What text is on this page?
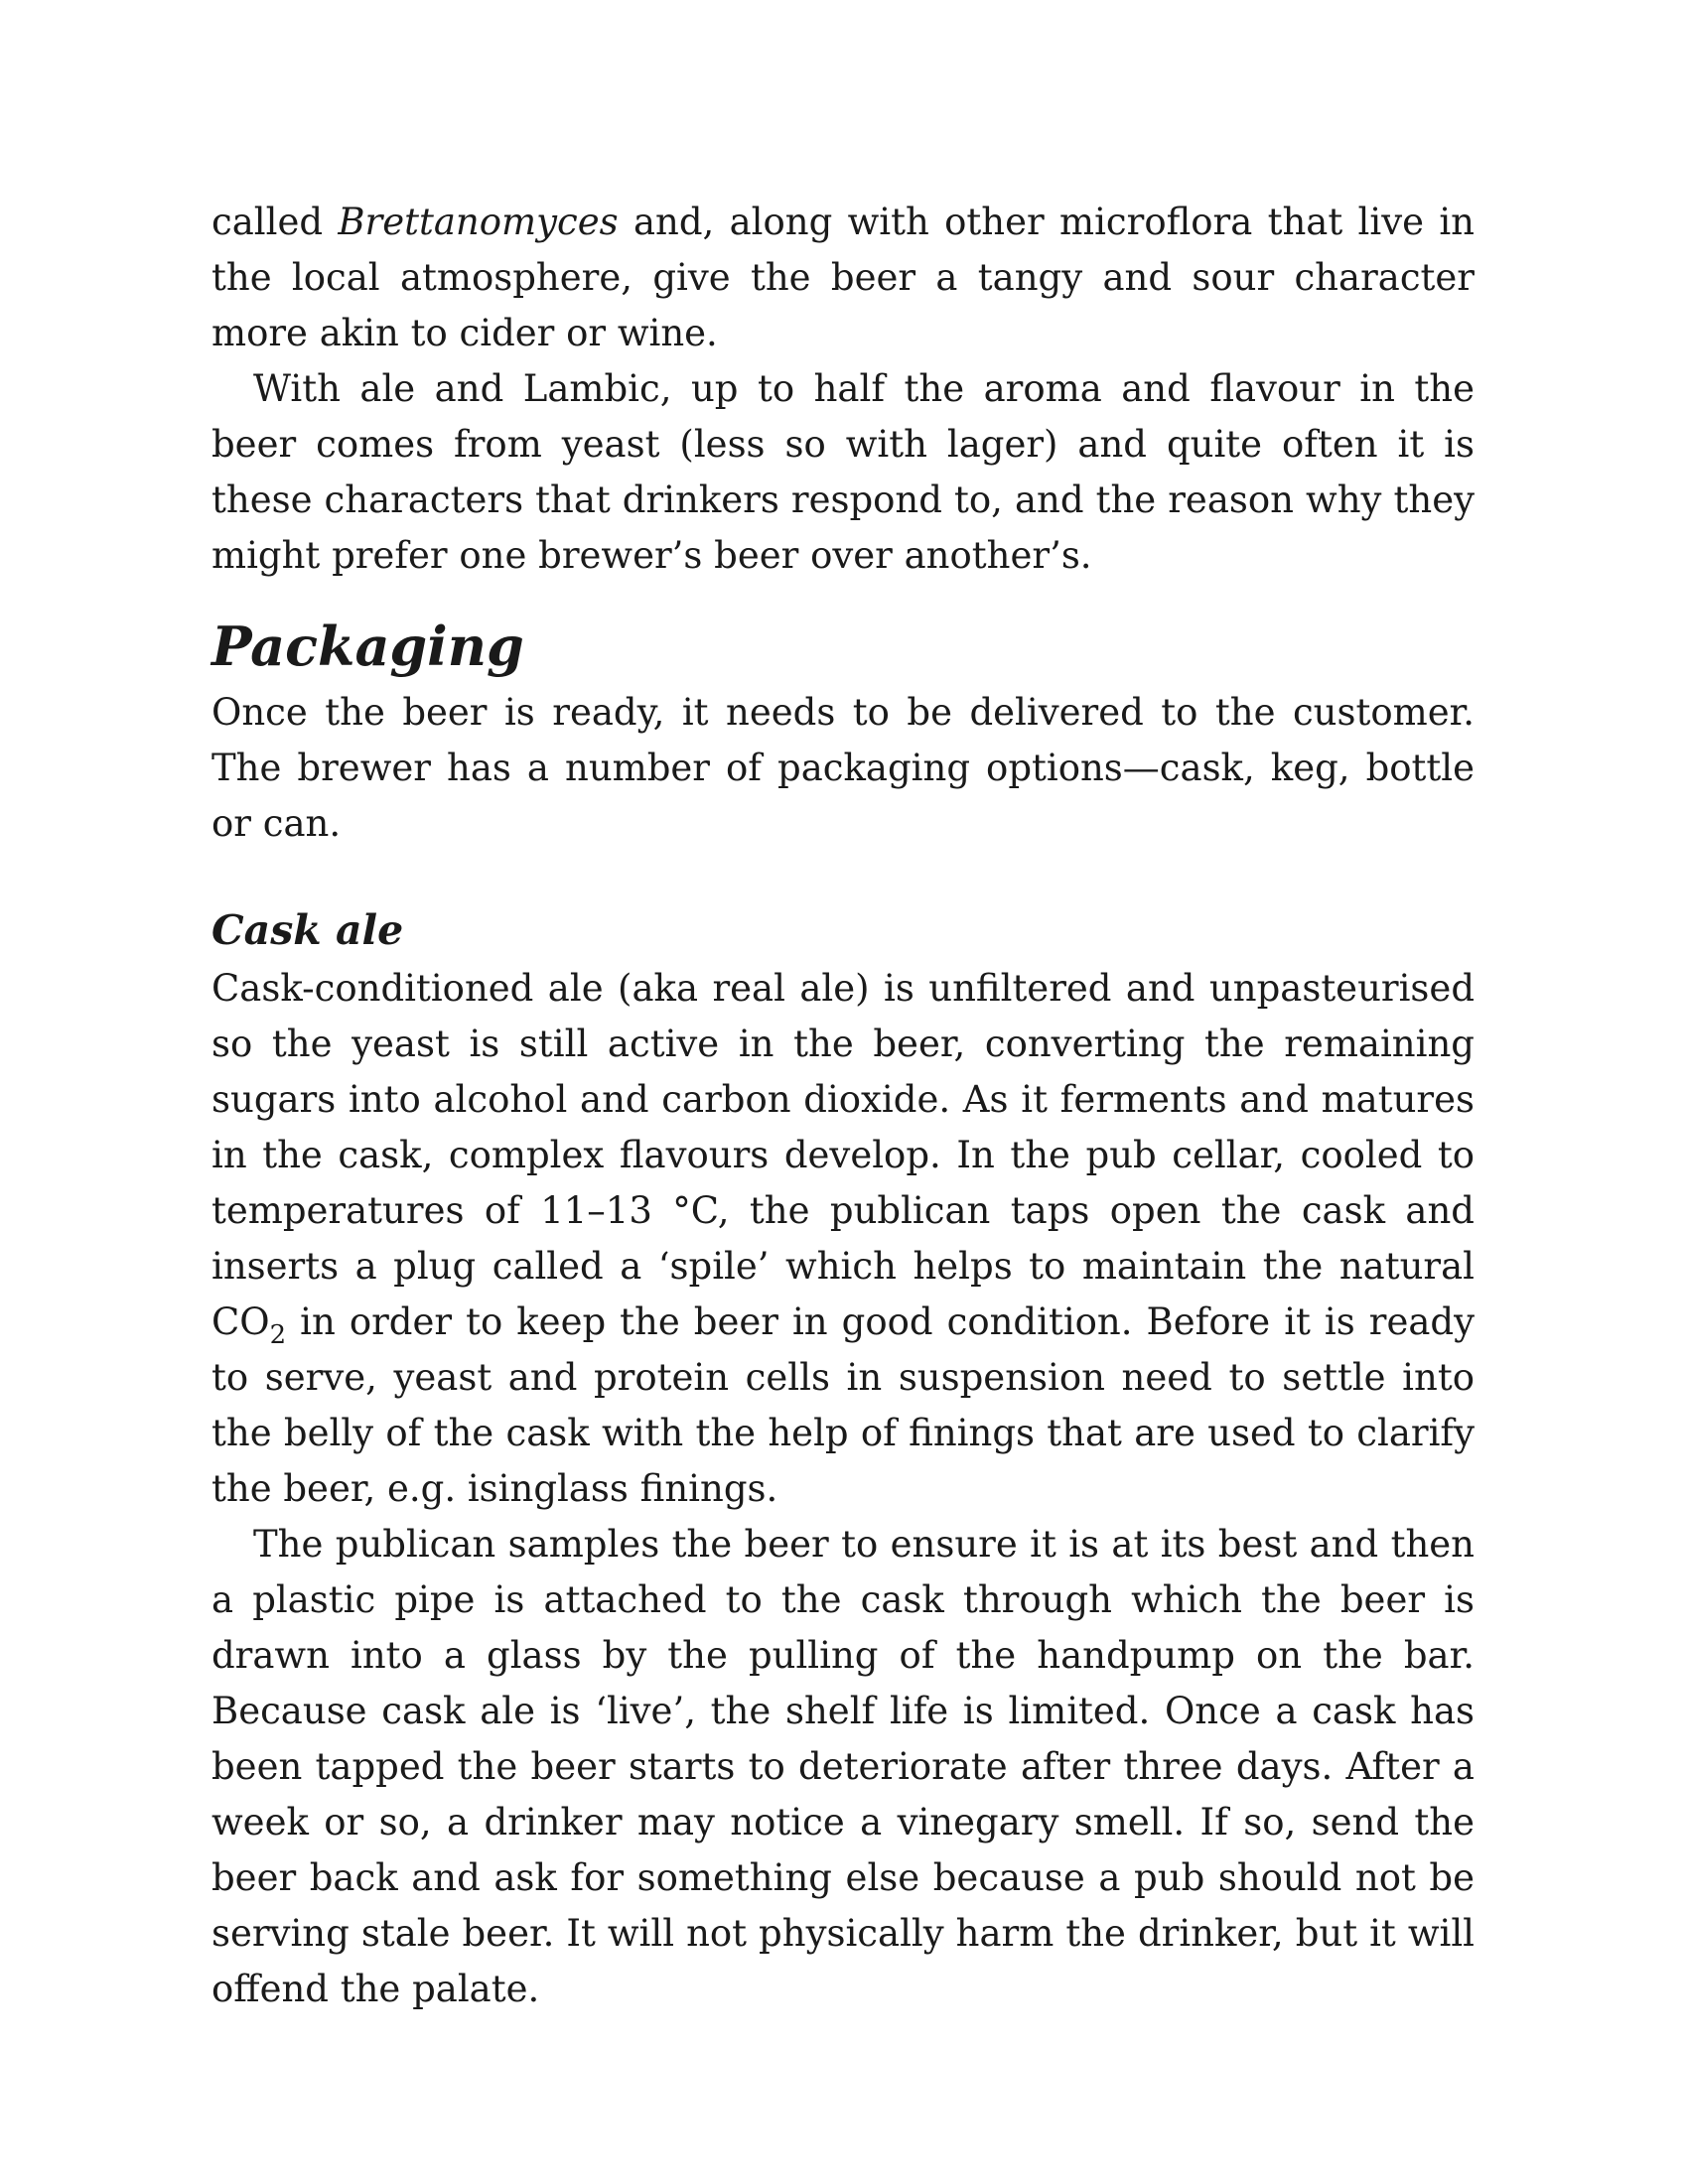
called Brettanomyces and, along with other microflora that live in the local atmosphere, give the beer a tangy and sour character more akin to cider or wine.

With ale and Lambic, up to half the aroma and flavour in the beer comes from yeast (less so with lager) and quite often it is these characters that drinkers respond to, and the reason why they might prefer one brewer’s beer over another’s.

Packaging

Once the beer is ready, it needs to be delivered to the customer. The brewer has a number of packaging options—cask, keg, bottle or can.

Cask ale

Cask-conditioned ale (aka real ale) is unfiltered and unpasteurised so the yeast is still active in the beer, converting the remaining sugars into alcohol and carbon dioxide. As it ferments and matures in the cask, complex flavours develop. In the pub cellar, cooled to temperatures of 11–13 °C, the publican taps open the cask and inserts a plug called a ‘spile’ which helps to maintain the natural $CO_2$ in order to keep the beer in good condition. Before it is ready to serve, yeast and protein cells in suspension need to settle into the belly of the cask with the help of finings that are used to clarify the beer, e.g. isinglass finings.

The publican samples the beer to ensure it is at its best and then a plastic pipe is attached to the cask through which the beer is drawn into a glass by the pulling of the handpump on the bar. Because cask ale is ‘live’, the shelf life is limited. Once a cask has been tapped the beer starts to deteriorate after three days. After a week or so, a drinker may notice a vinegary smell. If so, send the beer back and ask for something else because a pub should not be serving stale beer. It will not physically harm the drinker, but it will offend the palate.
